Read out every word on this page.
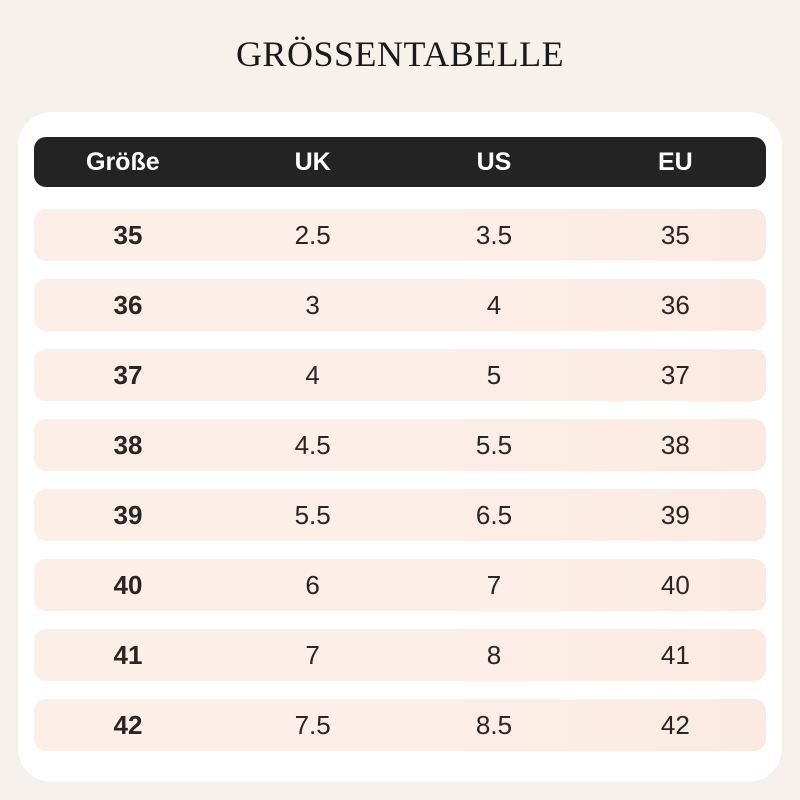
GRÖSSENTABELLE
Größe	UK	US	EU
35	2.5	3.5	35
36	3	4	36
37	4	5	37
38	4.5	5.5	38
39	5.5	6.5	39
40	6	7	40
41	7	8	41
42	7.5	8.5	42
